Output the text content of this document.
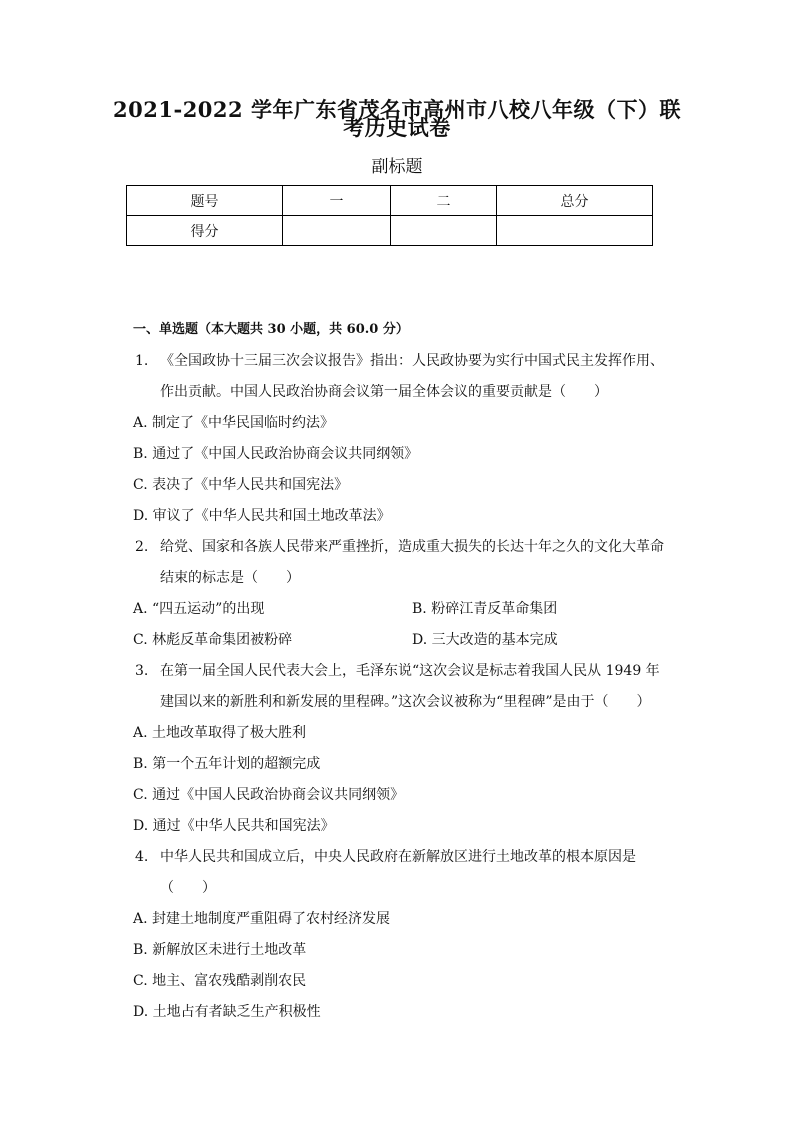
2021-2022 学年广东省茂名市高州市八校八年级（下）联
考历史试卷
副标题
题号	一	二	总分
得分			
一、单选题（本大题共 30 小题，共 60.0 分）
1. 《全国政协十三届三次会议报告》指出：人民政协要为实行中国式民主发挥作用、
作出贡献。中国人民政治协商会议第一届全体会议的重要贡献是（　　）
A. 制定了《中华民国临时约法》
B. 通过了《中国人民政治协商会议共同纲领》
C. 表决了《中华人民共和国宪法》
D. 审议了《中华人民共和国土地改革法》
2. 给党、国家和各族人民带来严重挫折，造成重大损失的长达十年之久的文化大革命
结束的标志是（　　）
A. “四五运动”的出现	B. 粉碎江青反革命集团
C. 林彪反革命集团被粉碎	D. 三大改造的基本完成
3. 在第一届全国人民代表大会上，毛泽东说“这次会议是标志着我国人民从 1949 年
建国以来的新胜利和新发展的里程碑。”这次会议被称为“里程碑”是由于（　　）
A. 土地改革取得了极大胜利
B. 第一个五年计划的超额完成
C. 通过《中国人民政治协商会议共同纲领》
D. 通过《中华人民共和国宪法》
4. 中华人民共和国成立后，中央人民政府在新解放区进行土地改革的根本原因是
（　　）
A. 封建土地制度严重阻碍了农村经济发展
B. 新解放区未进行土地改革
C. 地主、富农残酷剥削农民
D. 土地占有者缺乏生产积极性
